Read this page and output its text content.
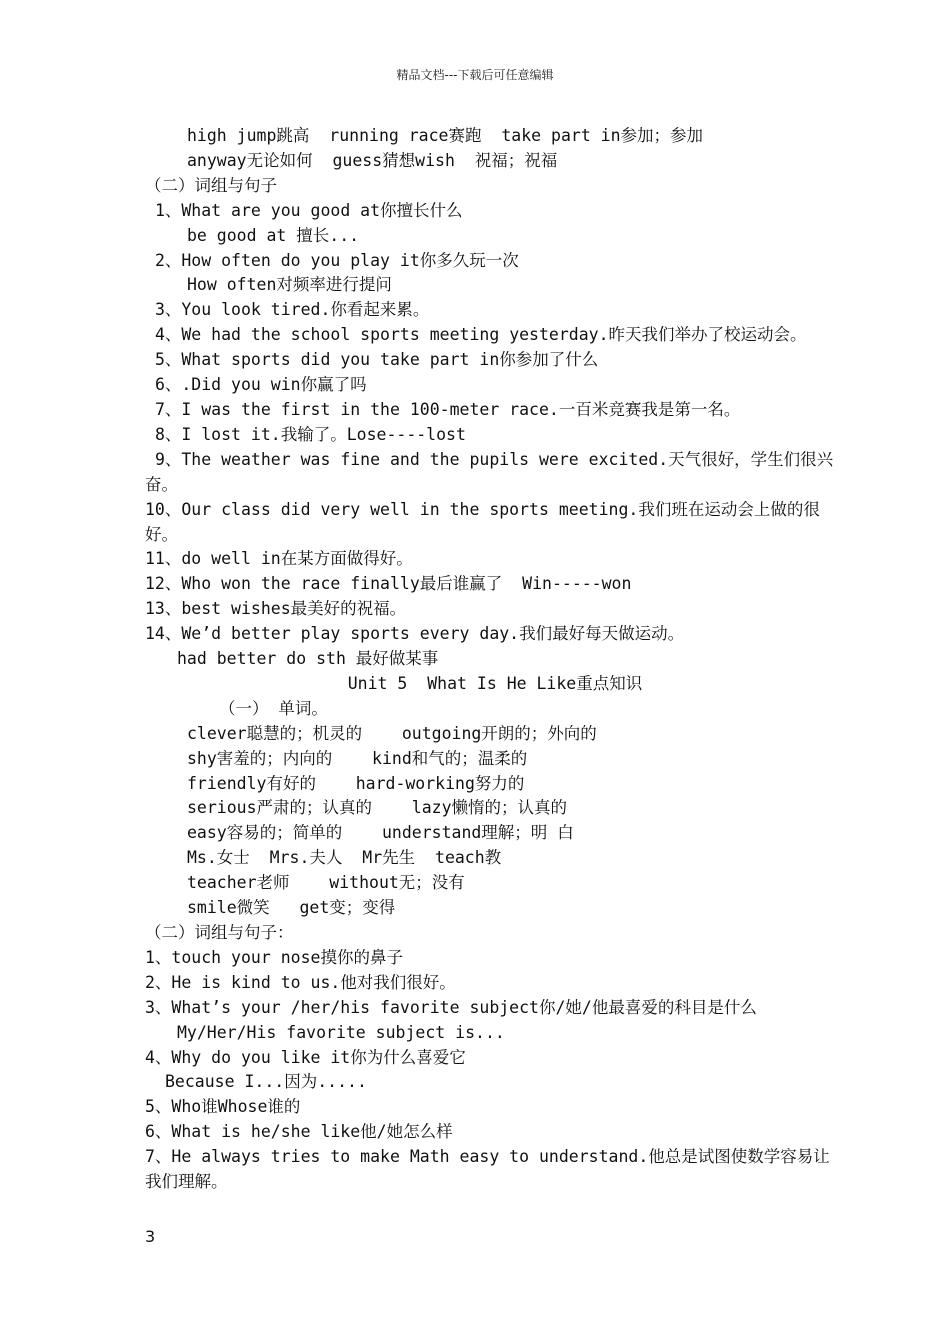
精品文档---下载后可任意编辑

high jump跳高  running race赛跑  take part in参加；参加

anyway无论如何  guess猜想wish  祝福；祝福

（二）词组与句子

1、What are you good at你擅长什么

be good at 擅长...

2、How often do you play it你多久玩一次

How often对频率进行提问

3、You look tired.你看起来累。

4、We had the school sports meeting yesterday.昨天我们举办了校运动会。

5、What sports did you take part in你参加了什么

6、.Did you win你赢了吗

7、I was the first in the 100-meter race.一百米竞赛我是第一名。

8、I lost it.我输了。Lose----lost

9、The weather was fine and the pupils were excited.天气很好，学生们很兴奋。

10、Our class did very well in the sports meeting.我们班在运动会上做的很好。

11、do well in在某方面做得好。

12、Who won the race finally最后谁赢了  Win-----won

13、best wishes最美好的祝福。

14、We’d better play sports every day.我们最好每天做运动。

had better do sth 最好做某事

Unit 5  What Is He Like重点知识

（一） 单词。

clever聪慧的；机灵的    outgoing开朗的；外向的

shy害羞的；内向的    kind和气的；温柔的

friendly有好的    hard-working努力的

serious严肃的；认真的    lazy懒惰的；认真的

easy容易的；简单的    understand理解；明 白

Ms.女士  Mrs.夫人  Mr先生  teach教

teacher老师    without无；没有

smile微笑   get变；变得

（二）词组与句子：

1、touch your nose摸你的鼻子

2、He is kind to us.他对我们很好。

3、What’s your /her/his favorite subject你/她/他最喜爱的科目是什么

My/Her/His favorite subject is...

4、Why do you like it你为什么喜爱它

Because I...因为.....

5、Who谁Whose谁的

6、What is he/she like他/她怎么样

7、He always tries to make Math easy to understand.他总是试图使数学容易让我们理解。

3
